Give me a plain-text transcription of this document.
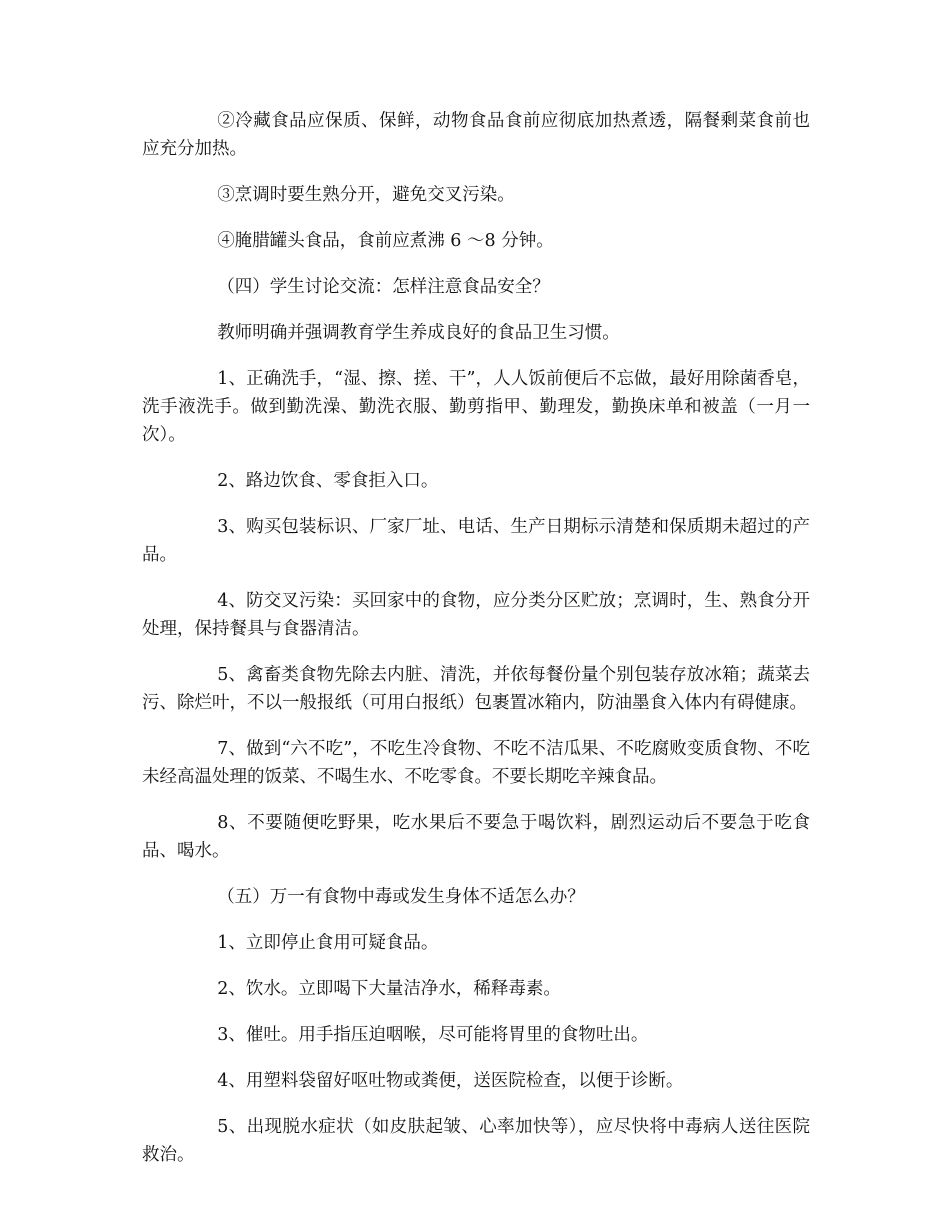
②冷藏食品应保质、保鲜，动物食品食前应彻底加热煮透，隔餐剩菜食前也应充分加热。

③烹调时要生熟分开，避免交叉污染。

④腌腊罐头食品，食前应煮沸 6 ～8 分钟。

（四）学生讨论交流：怎样注意食品安全？

教师明确并强调教育学生养成良好的食品卫生习惯。

1、正确洗手，“湿、擦、搓、干”，人人饭前便后不忘做，最好用除菌香皂，洗手液洗手。做到勤洗澡、勤洗衣服、勤剪指甲、勤理发，勤换床单和被盖（一月一次）。

2、路边饮食、零食拒入口。

3、购买包装标识、厂家厂址、电话、生产日期标示清楚和保质期未超过的产品。

4、防交叉污染：买回家中的食物，应分类分区贮放；烹调时，生、熟食分开处理，保持餐具与食器清洁。

5、禽畜类食物先除去内脏、清洗，并依每餐份量个别包装存放冰箱；蔬菜去污、除烂叶，不以一般报纸（可用白报纸）包裹置冰箱内，防油墨食入体内有碍健康。

7、做到“六不吃”，不吃生冷食物、不吃不洁瓜果、不吃腐败变质食物、不吃未经高温处理的饭菜、不喝生水、不吃零食。不要长期吃辛辣食品。

8、不要随便吃野果，吃水果后不要急于喝饮料，剧烈运动后不要急于吃食品、喝水。

（五）万一有食物中毒或发生身体不适怎么办？

1、立即停止食用可疑食品。

2、饮水。立即喝下大量洁净水，稀释毒素。

3、催吐。用手指压迫咽喉，尽可能将胃里的食物吐出。

4、用塑料袋留好呕吐物或粪便，送医院检查，以便于诊断。

5、出现脱水症状（如皮肤起皱、心率加快等），应尽快将中毒病人送往医院救治。
